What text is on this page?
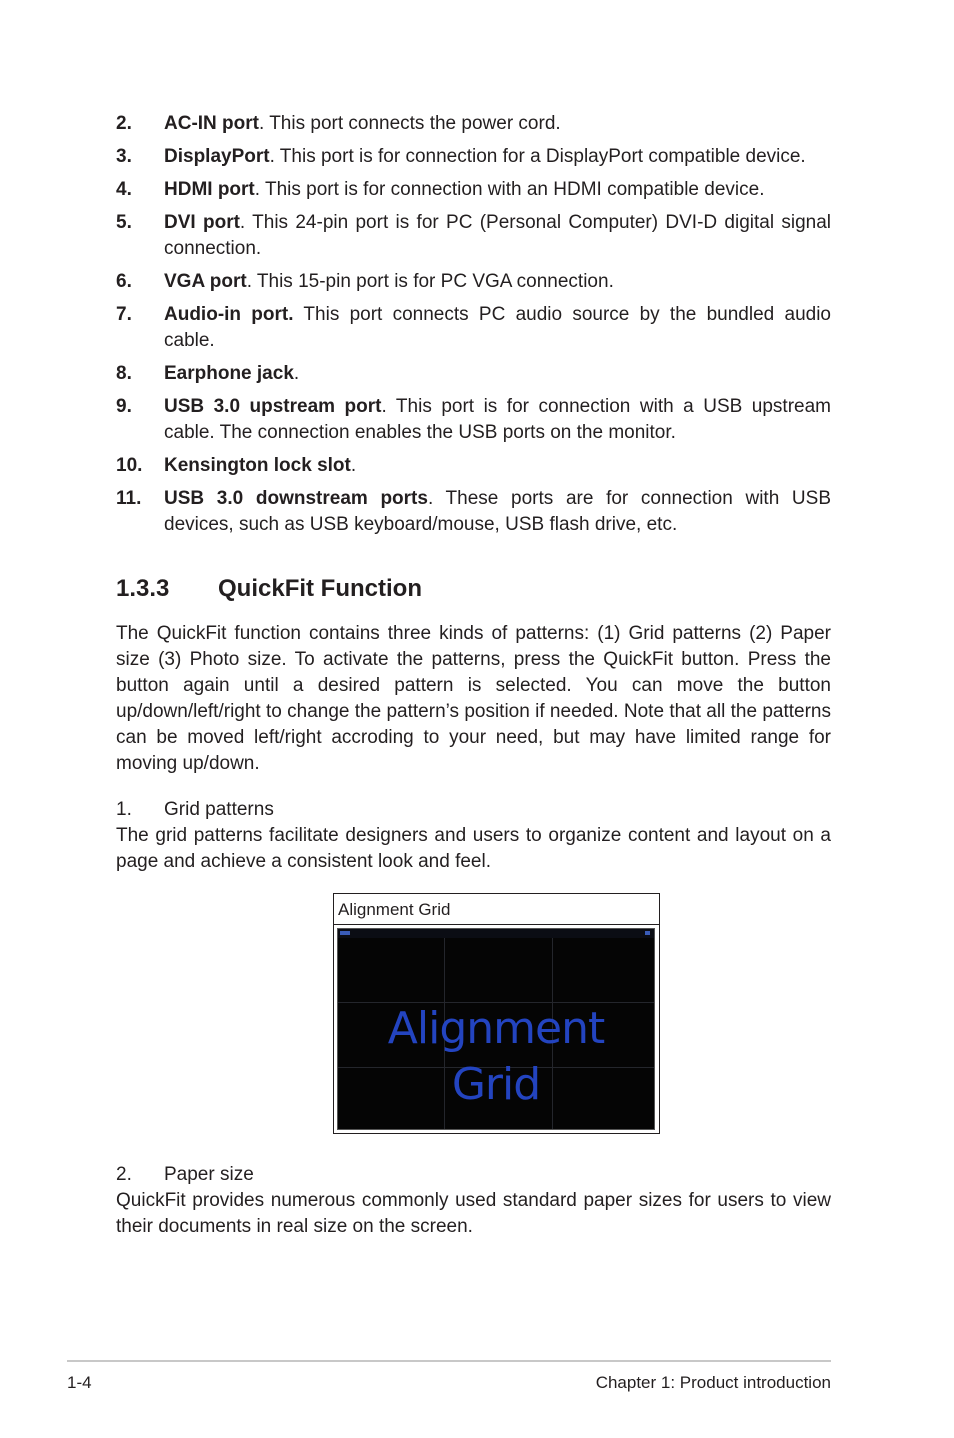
2.	AC-IN port. This port connects the power cord.
3.	DisplayPort. This port is for connection for a DisplayPort compatible device.
4.	HDMI port. This port is for connection with an HDMI compatible device.
5.	DVI port. This 24-pin port is for PC (Personal Computer) DVI-D digital signal connection.
6.	VGA port. This 15-pin port is for PC VGA connection.
7.	Audio-in port. This port connects PC audio source by the bundled audio cable.
8.	Earphone jack.
9.	USB 3.0 upstream port. This port is for connection with a USB upstream cable. The connection enables the USB ports on the monitor.
10.	Kensington lock slot.
11.	USB 3.0 downstream ports. These ports are for connection with USB devices, such as USB keyboard/mouse, USB flash drive, etc.
1.3.3	QuickFit Function

The QuickFit function contains three kinds of patterns: (1) Grid patterns (2) Paper size (3) Photo size. To activate the patterns, press the QuickFit button. Press the button again until a desired pattern is selected. You can move the button up/down/left/right to change the pattern’s position if needed. Note that all the patterns can be moved left/right accroding to your need, but may have limited range for moving up/down.

1.	Grid patterns

The grid patterns facilitate designers and users to organize content and layout on a page and achieve a consistent look and feel.

Alignment Grid
Alignment Grid
2.	Paper size

QuickFit provides numerous commonly used standard paper sizes for users to view their documents in real size on the screen.

1-4	Chapter 1: Product introduction
